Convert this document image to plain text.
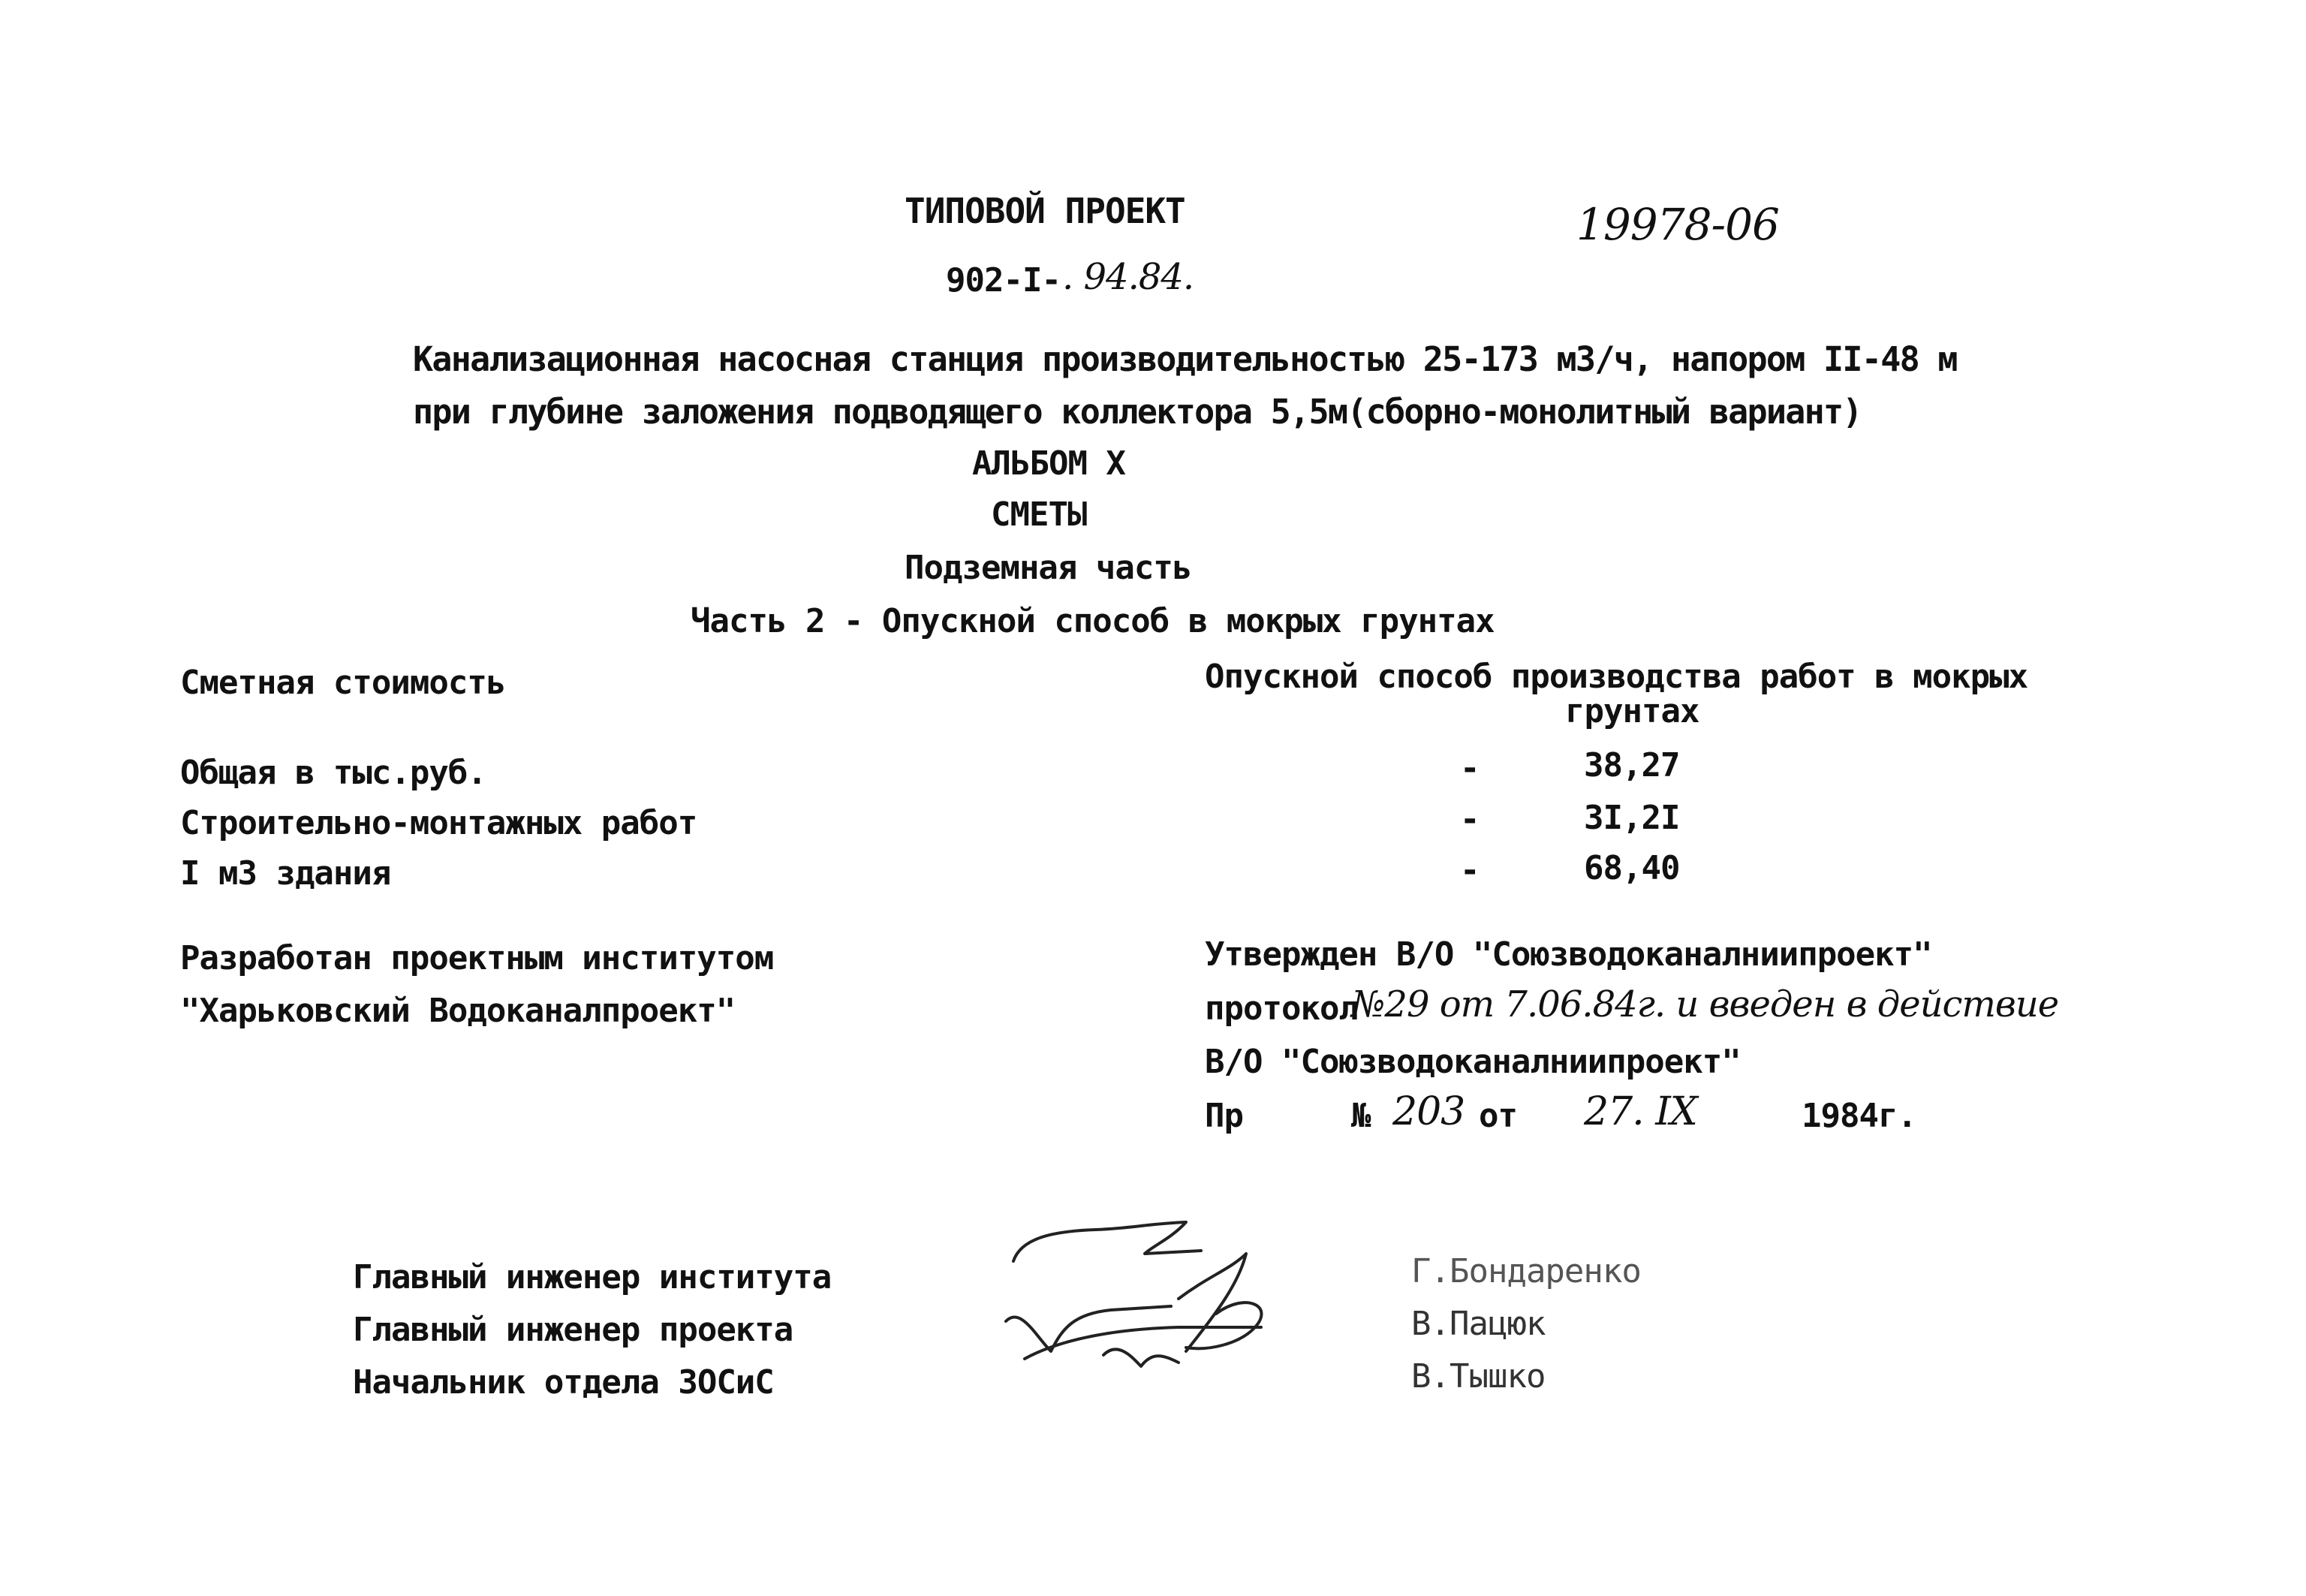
ТИПОВОЙ ПРОЕКТ	19978-06
902-I- . 94.84.
Канализационная насосная станция производительностью 25-173 м3/ч, напором II-48 м
при глубине заложения подводящего коллектора 5,5м(сборно-монолитный вариант)
АЛЬБОМ X
СМЕТЫ
Подземная часть
Часть 2 - Опускной способ в мокрых грунтах
Сметная стоимость	Опускной способ производства работ в мокрых
грунтах
Общая в тыс.руб.	-	38,27
Строительно-монтажных работ	-	3I,2I
I м3 здания	-	68,40
Разработан проектным институтом
"Харьковский Водоканалпроект"
Утвержден В/О "Союзводоканалниипроект"
протокол
№29 от 7.06.84г. и введен в действие
В/О "Союзводоканалниипроект"
Пр	№ 203 от 27. IX	1984г.
Главный инженер института	Г.Бондаренко
Главный инженер проекта	В.Пацюк
Начальник отдела ЗОСиС	В.Тышко
